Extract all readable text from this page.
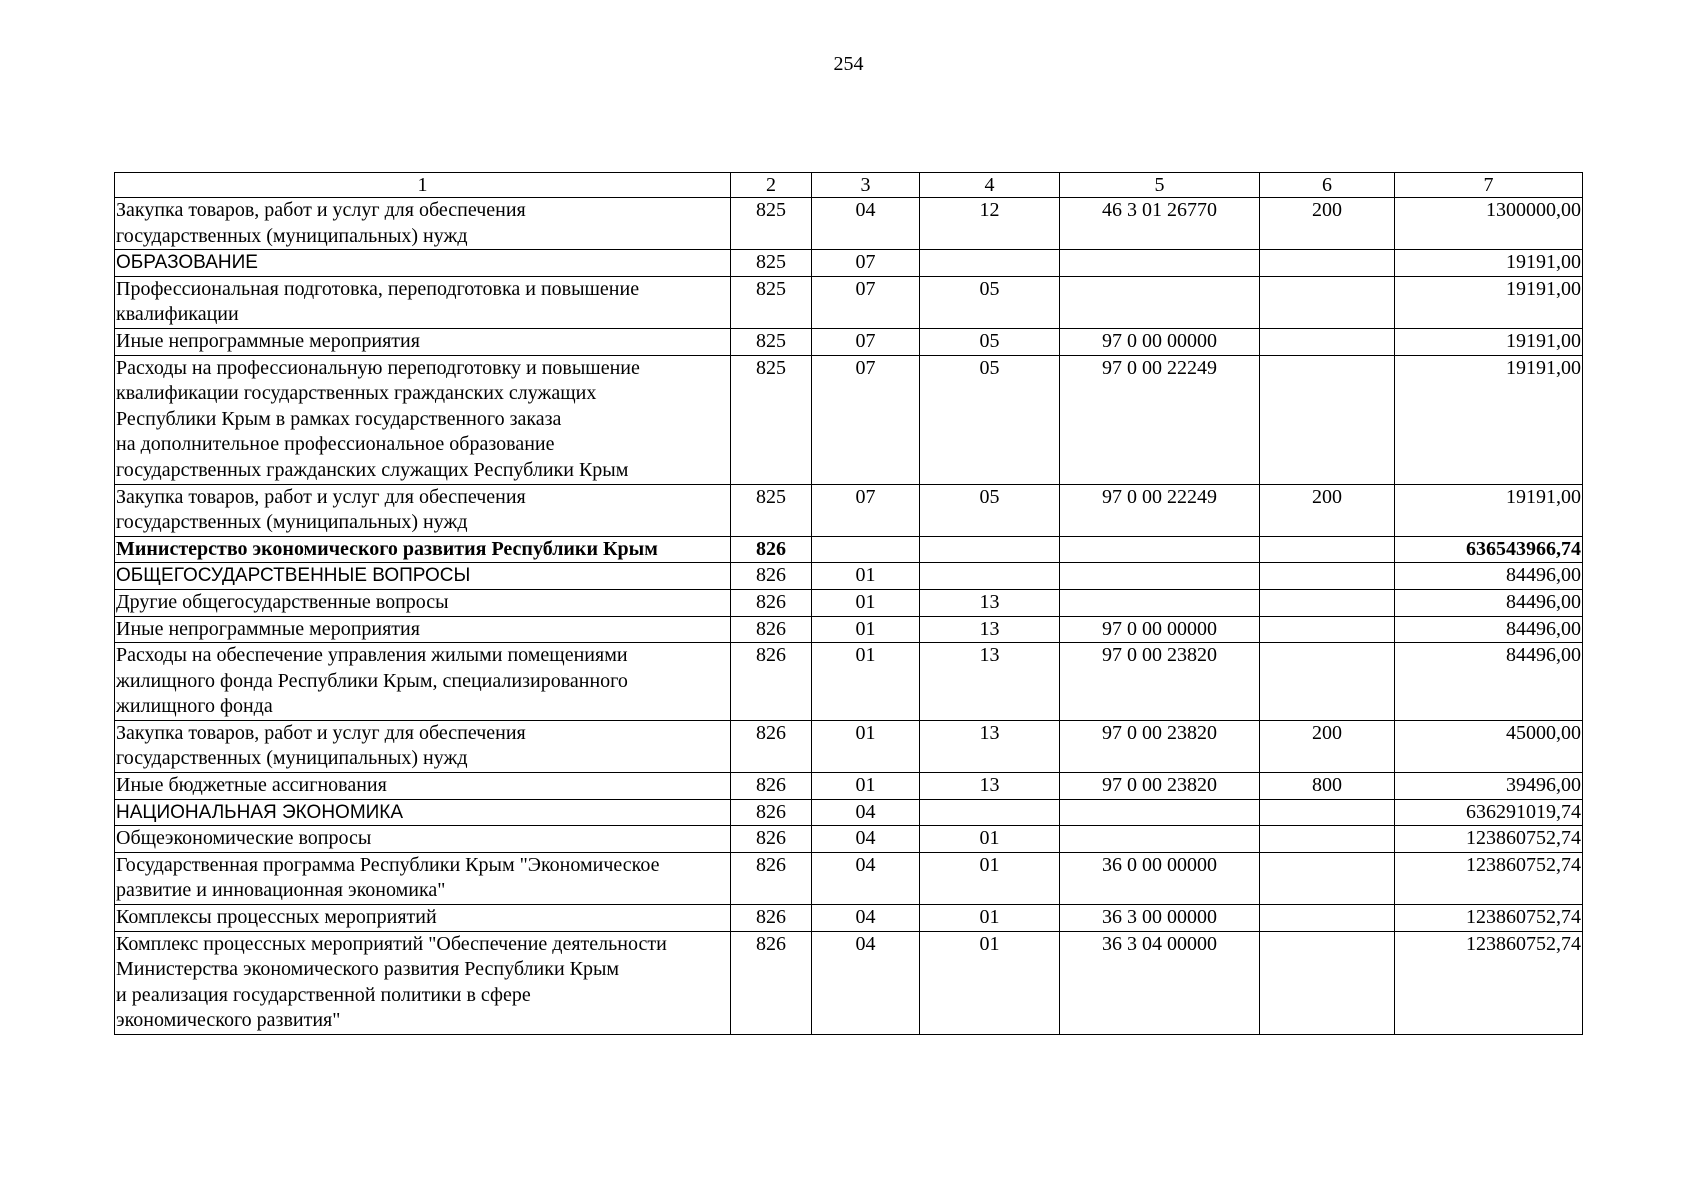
254
1	2	3	4	5	6	7
Закупка товаров, работ и услуг для обеспечения
государственных (муниципальных) нужд	825	04	12	46 3 01 26770	200	1300000,00
ОБРАЗОВАНИЕ	825	07				19191,00
Профессиональная подготовка, переподготовка и повышение
квалификации	825	07	05			19191,00
Иные непрограммные мероприятия	825	07	05	97 0 00 00000		19191,00
Расходы на профессиональную переподготовку и повышение
квалификации государственных гражданских служащих
Республики Крым в рамках государственного заказа
на дополнительное профессиональное образование
государственных гражданских служащих Республики Крым	825	07	05	97 0 00 22249		19191,00
Закупка товаров, работ и услуг для обеспечения
государственных (муниципальных) нужд	825	07	05	97 0 00 22249	200	19191,00
Министерство экономического развития Республики Крым	826					636543966,74
ОБЩЕГОСУДАРСТВЕННЫЕ ВОПРОСЫ	826	01				84496,00
Другие общегосударственные вопросы	826	01	13			84496,00
Иные непрограммные мероприятия	826	01	13	97 0 00 00000		84496,00
Расходы на обеспечение управления жилыми помещениями
жилищного фонда Республики Крым, специализированного
жилищного фонда	826	01	13	97 0 00 23820		84496,00
Закупка товаров, работ и услуг для обеспечения
государственных (муниципальных) нужд	826	01	13	97 0 00 23820	200	45000,00
Иные бюджетные ассигнования	826	01	13	97 0 00 23820	800	39496,00
НАЦИОНАЛЬНАЯ ЭКОНОМИКА	826	04				636291019,74
Общеэкономические вопросы	826	04	01			123860752,74
Государственная программа Республики Крым "Экономическое
развитие и инновационная экономика"	826	04	01	36 0 00 00000		123860752,74
Комплексы процессных мероприятий	826	04	01	36 3 00 00000		123860752,74
Комплекс процессных мероприятий "Обеспечение деятельности
Министерства экономического развития Республики Крым
и реализация государственной политики в сфере
экономического развития"	826	04	01	36 3 04 00000		123860752,74
